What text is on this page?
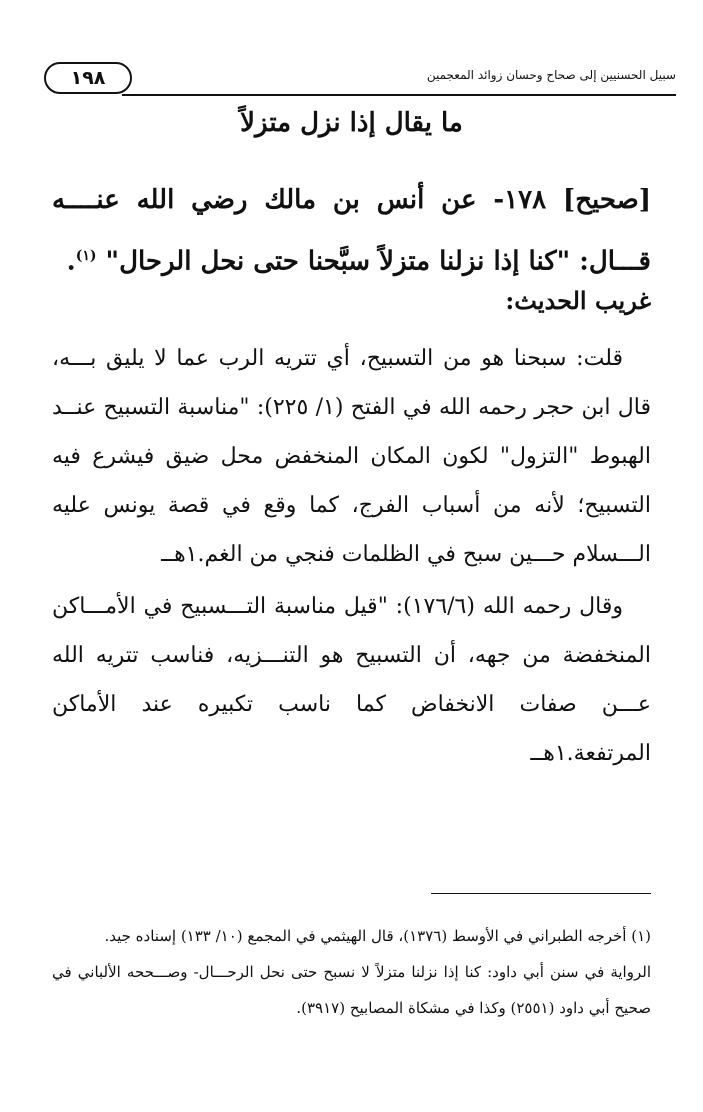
١٩٨	سبيل الحسنيين إلى صحاح وحسان زوائد المعجمين
ما يقال إذا نزل متزلاً
[صحيح] ١٧٨- عن أنس بن مالك رضي الله عنــــه قـــال: "كنا إذا نزلنا متزلاً سبَّحنا حتى نحل الرحال" $^{(١)}$.
غريب الحديث:
قلت: سبحنا هو من التسبيح، أي تتريه الرب عما لا يليق بـــه، قال ابن حجر رحمه الله في الفتح (١/ ٢٢٥): "مناسبة التسبيح عنــد الهبوط "التزول" لكون المكان المنخفض محل ضيق فيشرع فيه التسبيح؛ لأنه من أسباب الفرج، كما وقع في قصة يونس عليه الـــسلام حـــين سبح في الظلمات فنجي من الغم.١هــ
وقال رحمه الله (١٧٦/٦): "قيل مناسبة التـــسبيح في الأمـــاكن المنخفضة من جهه، أن التسبيح هو التنـــزيه، فناسب تتريه الله عـــن صفات الانخفاض كما ناسب تكبيره عند الأماكن المرتفعة.١هــ
(١) أخرجه الطبراني في الأوسط (١٣٧٦)، قال الهيثمي في المجمع (١٠/ ١٣٣) إسناده جيد.
الرواية في سنن أبي داود: كنا إذا نزلنا متزلاً لا نسبح حتى نحل الرحـــال- وصـــححه الألباني في صحيح أبي داود (٢٥٥١) وكذا في مشكاة المصابيح (٣٩١٧).
